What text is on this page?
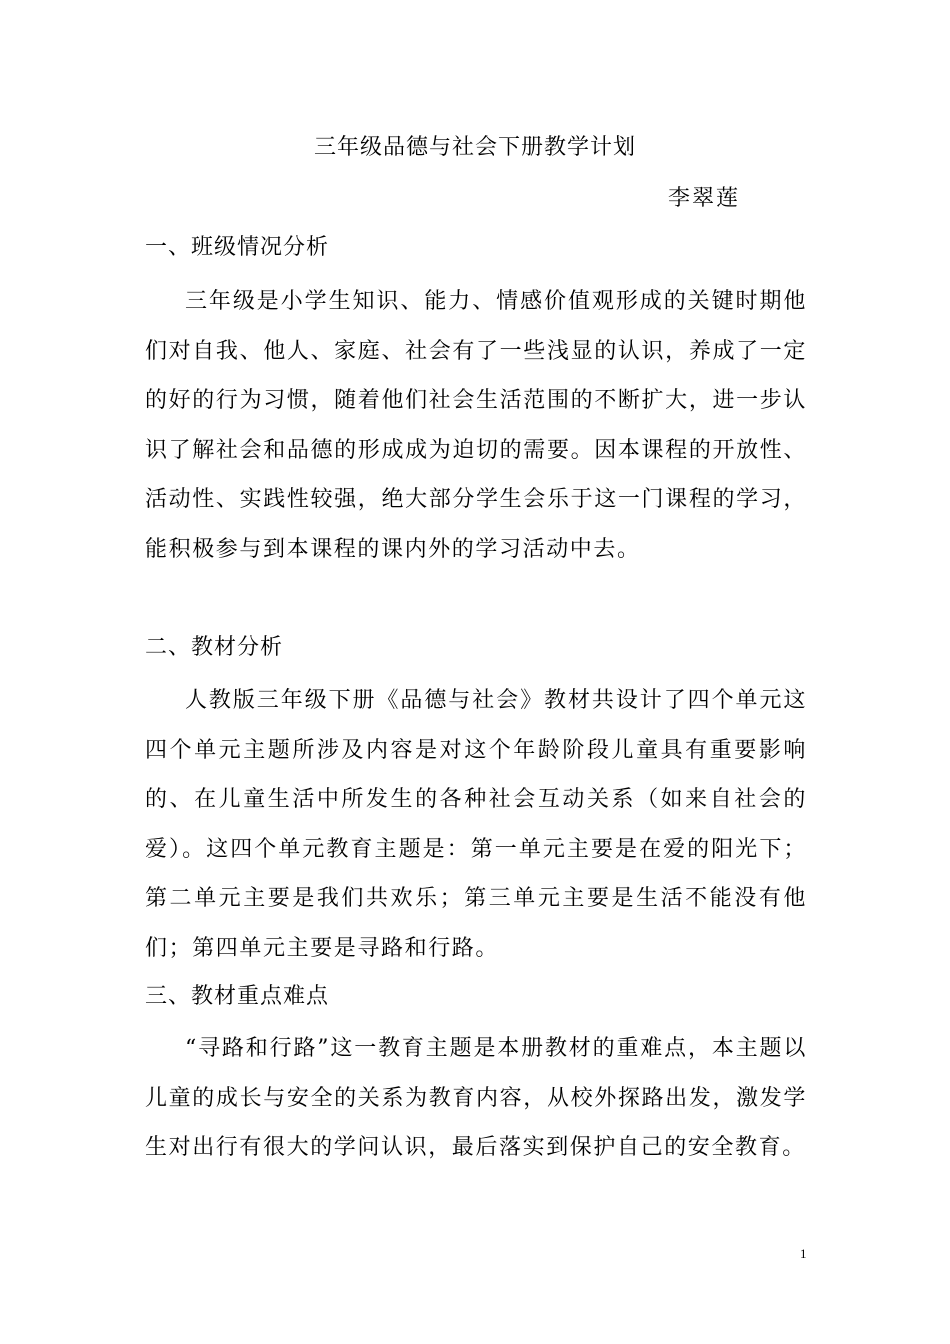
三年级品德与社会下册教学计划
李翠莲
一、班级情况分析
三年级是小学生知识、能力、情感价值观形成的关键时期他们对自我、他人、家庭、社会有了一些浅显的认识，养成了一定的好的行为习惯，随着他们社会生活范围的不断扩大，进一步认识了解社会和品德的形成成为迫切的需要。因本课程的开放性、活动性、实践性较强，绝大部分学生会乐于这一门课程的学习，能积极参与到本课程的课内外的学习活动中去。
二、教材分析
人教版三年级下册《品德与社会》教材共设计了四个单元这四个单元主题所涉及内容是对这个年龄阶段儿童具有重要影响的、在儿童生活中所发生的各种社会互动关系（如来自社会的爱）。这四个单元教育主题是：第一单元主要是在爱的阳光下；第二单元主要是我们共欢乐；第三单元主要是生活不能没有他们；第四单元主要是寻路和行路。
三、教材重点难点
“寻路和行路”这一教育主题是本册教材的重难点，本主题以儿童的成长与安全的关系为教育内容，从校外探路出发，激发学生对出行有很大的学问认识，最后落实到保护自己的安全教育。
1
